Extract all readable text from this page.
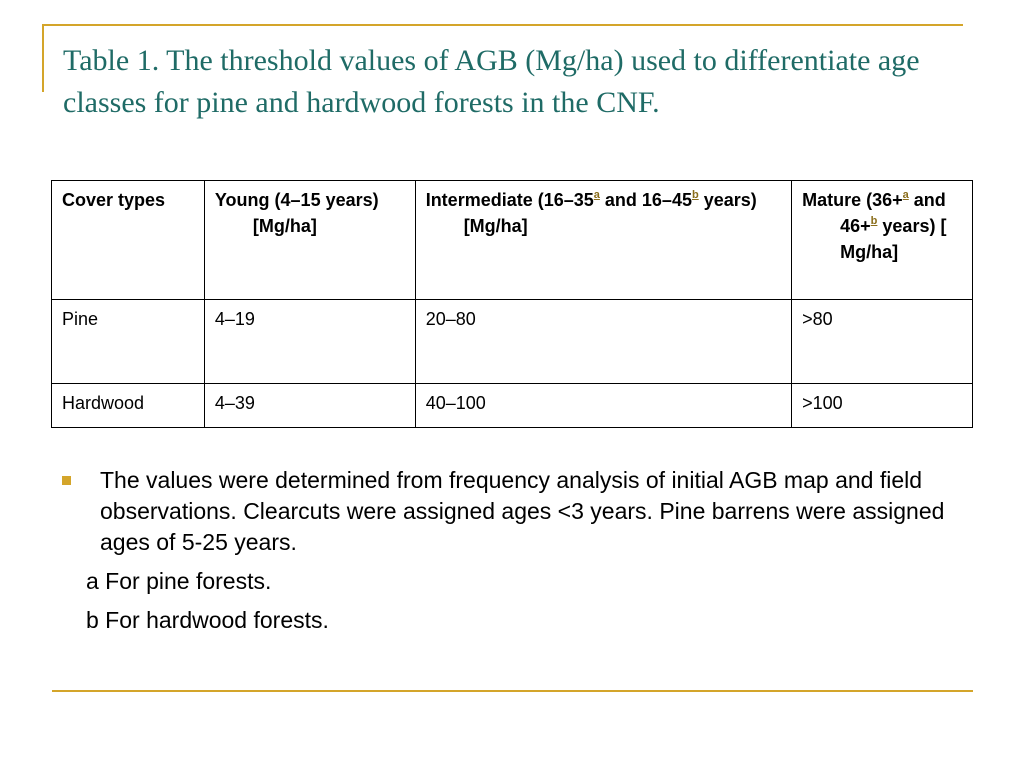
Table 1. The threshold values of AGB (Mg/ha) used to differentiate age classes for pine and hardwood forests in the CNF.
Cover types	Young (4–15 years) [Mg/ha]	Intermediate (16–35$^a$ and 16–45$^b$ years) [Mg/ha]	Mature (36+$^a$ and 46+$^b$ years) [ Mg/ha]
Pine	4–19	20–80	>80
Hardwood	4–39	40–100	>100
The values were determined from frequency analysis of initial AGB map and field observations. Clearcuts were assigned ages <3 years. Pine barrens were assigned ages of 5-25 years.
a For pine forests.
b For hardwood forests.
